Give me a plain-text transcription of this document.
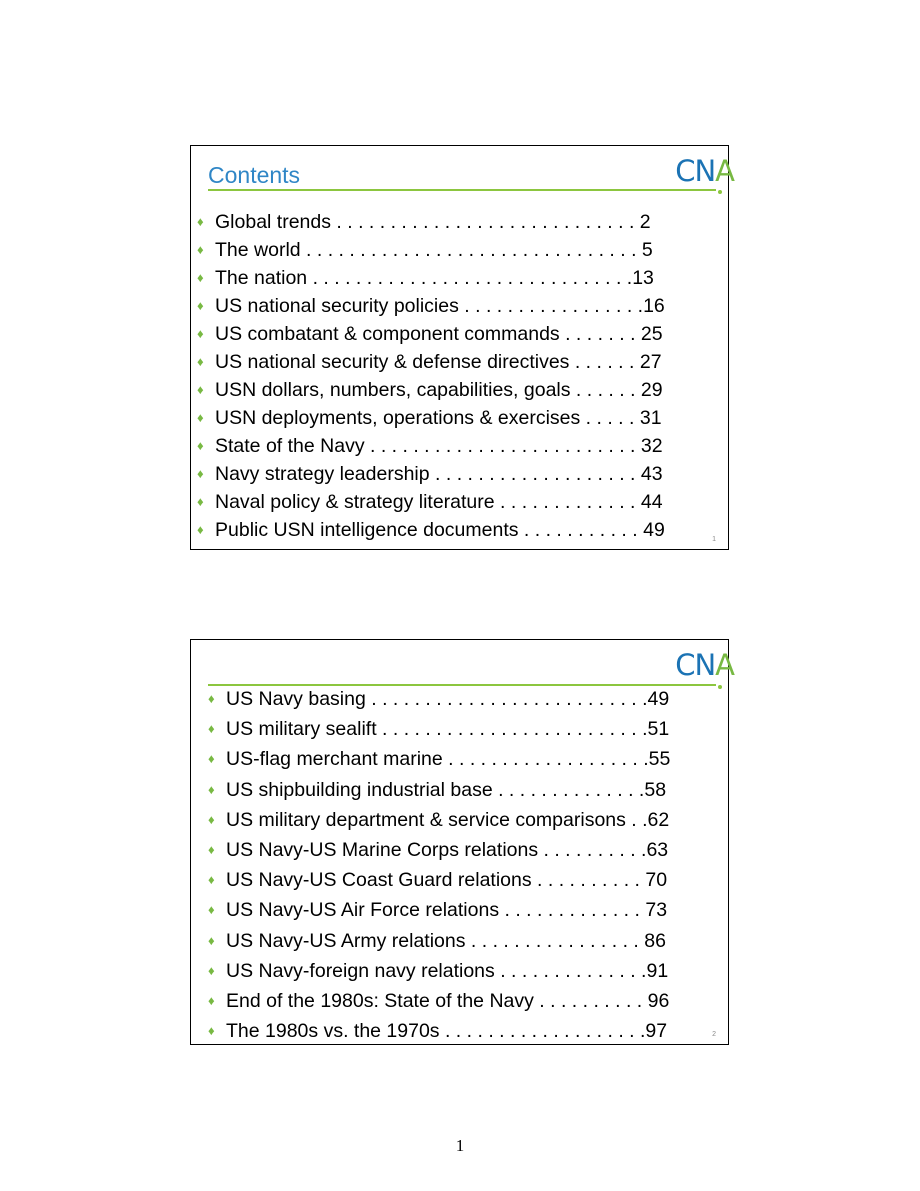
Contents	CNA
♦ Global trends . . . . . . . . . . . . . . . . . . . . . . . . . . . . 2
♦ The world . . . . . . . . . . . . . . . . . . . . . . . . . . . . . . . 5
♦ The nation . . . . . . . . . . . . . . . . . . . . . . . . . . . . . .13
♦ US national security policies . . . . . . . . . . . . . . . . .16
♦ US combatant & component commands . . . . . . . 25
♦ US national security & defense directives . . . . . . 27
♦ USN dollars, numbers, capabilities, goals . . . . . . 29
♦ USN deployments, operations & exercises . . . . . 31
♦ State of the Navy . . . . . . . . . . . . . . . . . . . . . . . . . 32
♦ Navy strategy leadership . . . . . . . . . . . . . . . . . . . 43
♦ Naval policy & strategy literature . . . . . . . . . . . . . 44
♦ Public USN intelligence documents . . . . . . . . . . . 49	1
CNA
♦ US Navy basing . . . . . . . . . . . . . . . . . . . . . . . . . .49
♦ US military sealift . . . . . . . . . . . . . . . . . . . . . . . . .51
♦ US-flag merchant marine . . . . . . . . . . . . . . . . . . .55
♦ US shipbuilding industrial base . . . . . . . . . . . . . .58
♦ US military department & service comparisons . .62
♦ US Navy-US Marine Corps relations . . . . . . . . . .63
♦ US Navy-US Coast Guard relations . . . . . . . . . . 70
♦ US Navy-US Air Force relations . . . . . . . . . . . . . 73
♦ US Navy-US Army relations . . . . . . . . . . . . . . . . 86
♦ US Navy-foreign navy relations . . . . . . . . . . . . . .91
♦ End of the 1980s: State of the Navy . . . . . . . . . . 96
♦ The 1980s vs. the 1970s . . . . . . . . . . . . . . . . . . .97	2
1
